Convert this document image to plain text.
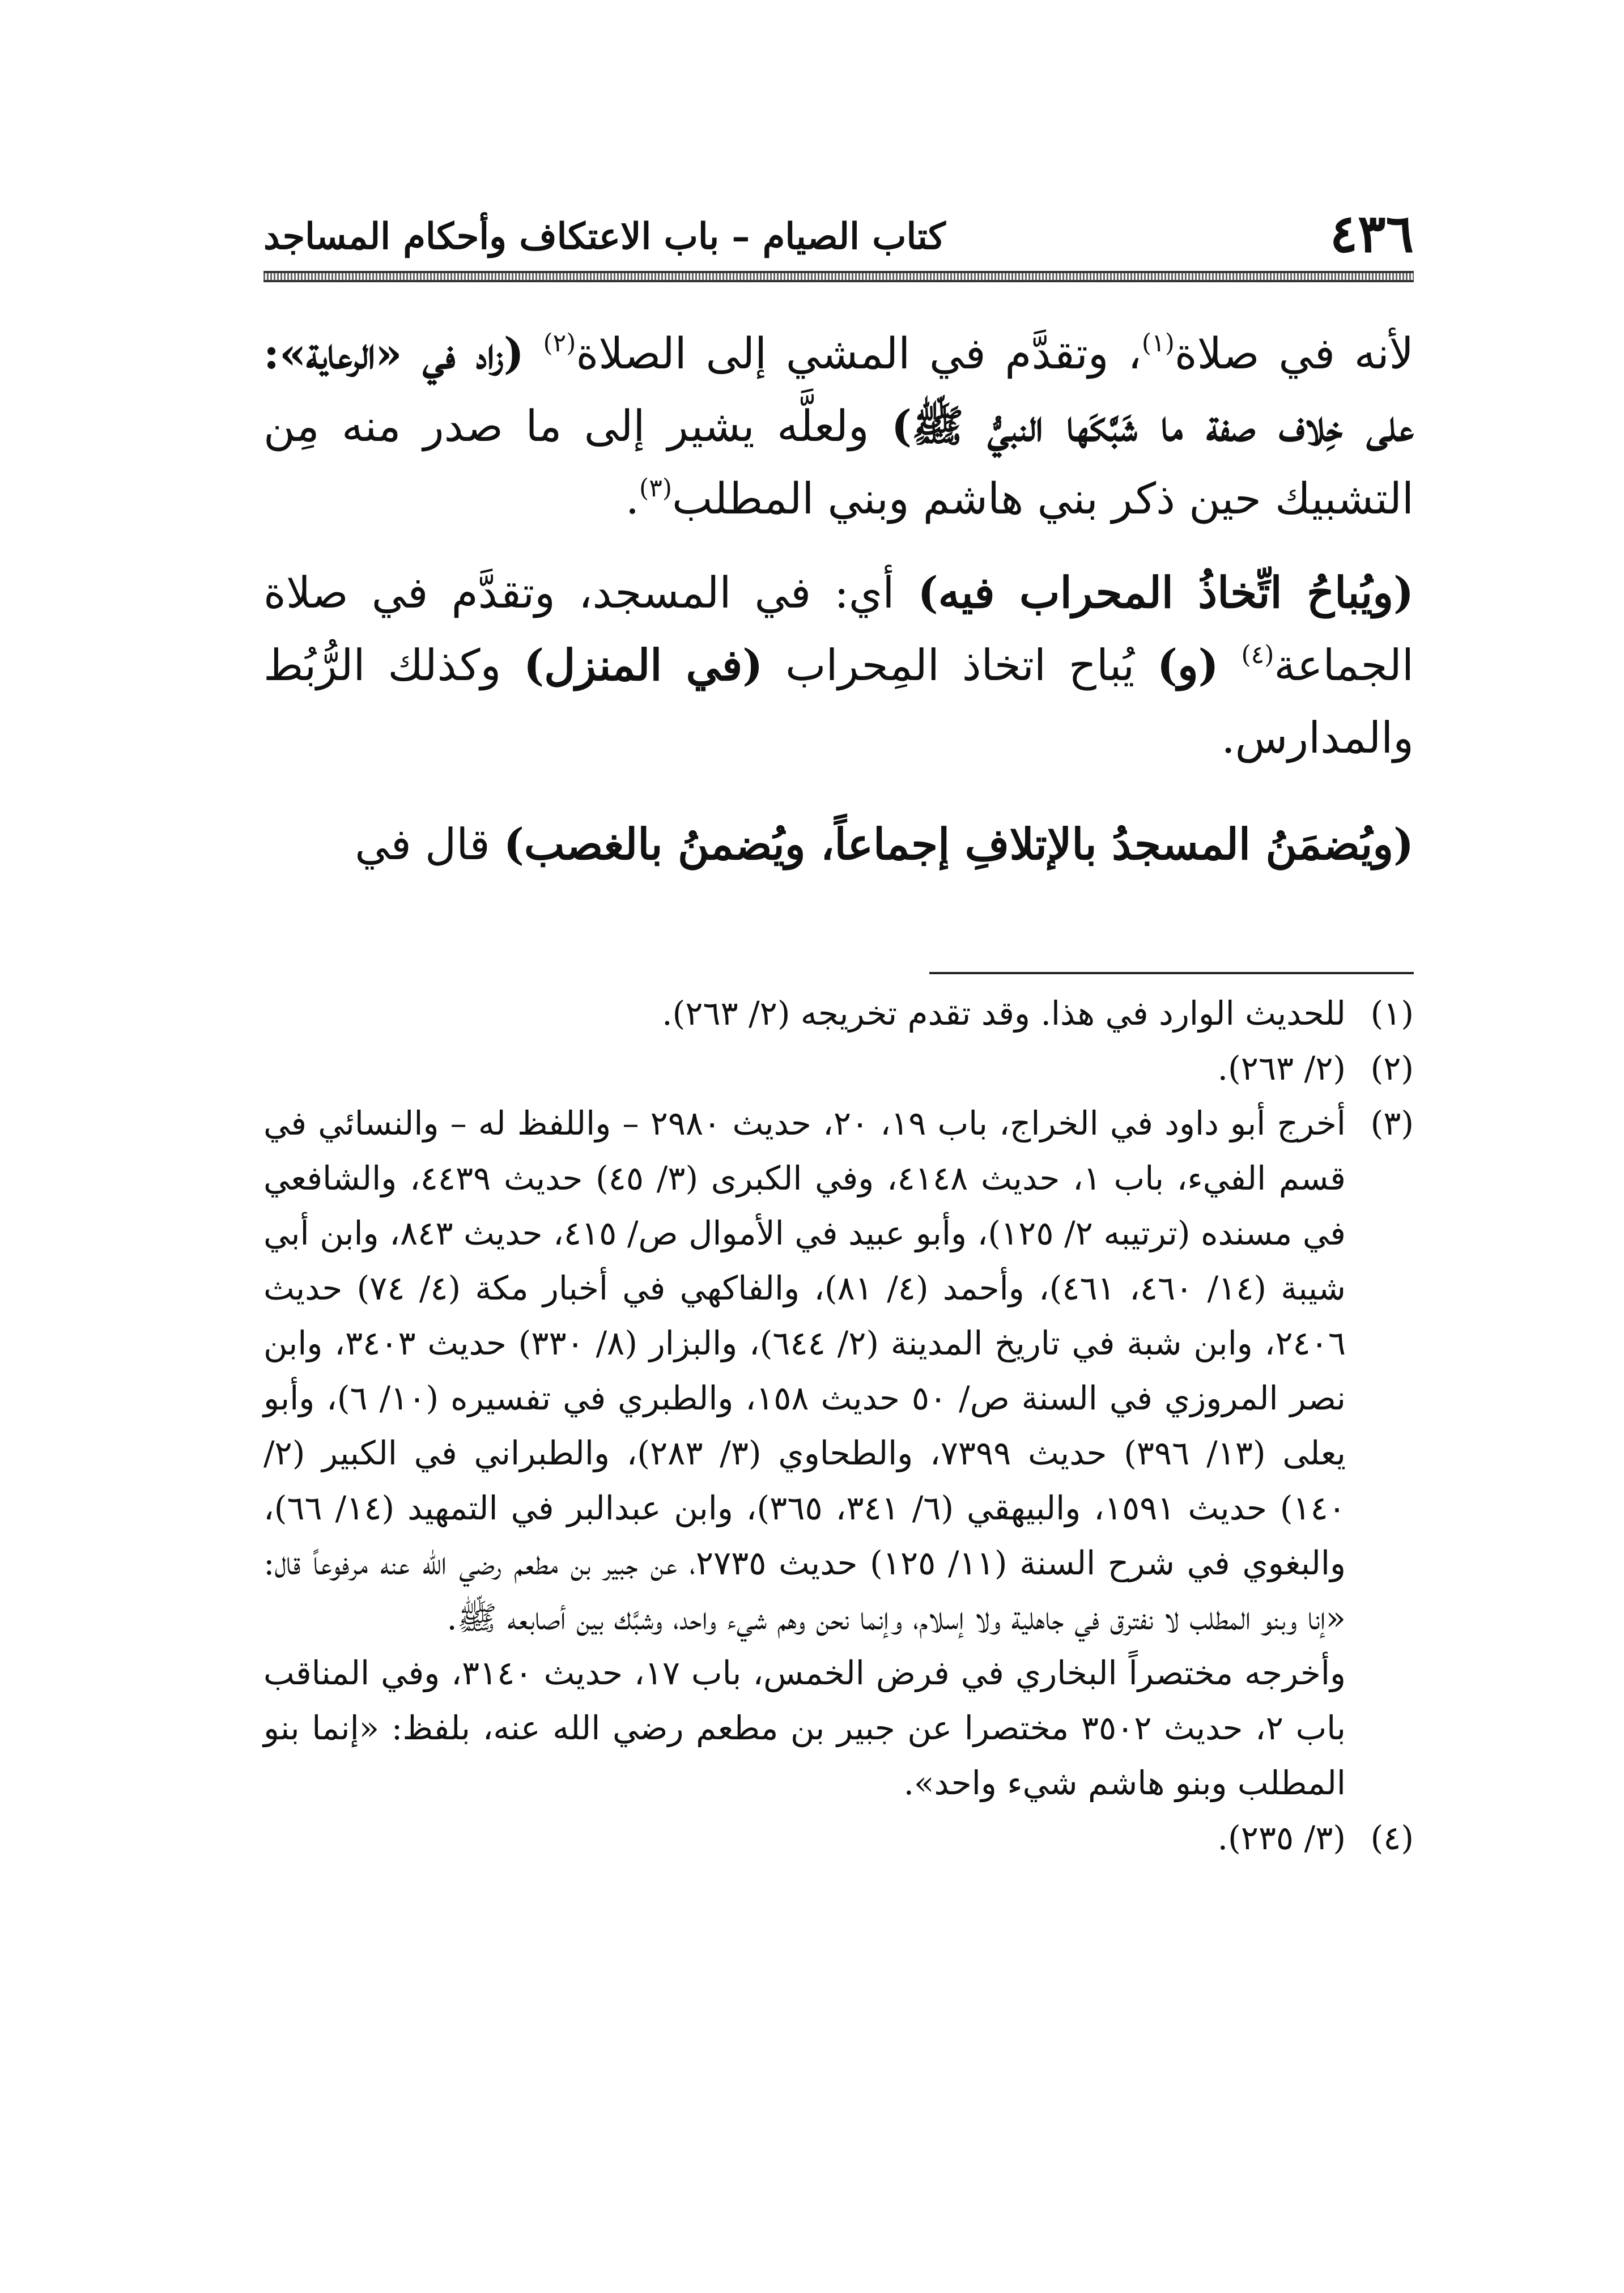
٤٣٦
كتاب الصيام – باب الاعتكاف وأحكام المساجد

لأنه في صلاة$^{(١)}$، وتقدَّم في المشي إلى الصلاة$^{(٢)}$ (زاد في «الرعاية»: على خِلاف صفة ما شَبَّكَها النبيُّ ﷺ) ولعلَّه يشير إلى ما صدر منه مِن التشبيك حين ذكر بني هاشم وبني المطلب$^{(٣)}$.

(ويُباحُ اتِّخاذُ المحراب فيه) أي: في المسجد، وتقدَّم في صلاة الجماعة$^{(٤)}$ (و) يُباح اتخاذ المِحراب (في المنزل) وكذلك الرُّبُط والمدارس.

(ويُضمَنُ المسجدُ بالإتلافِ إجماعاً، ويُضمنُ بالغصب) قال في

(١)
للحديث الوارد في هذا. وقد تقدم تخريجه (٢/ ٢٦٣).
(٢)
(٢/ ٢٦٣).
(٣)
أخرج أبو داود في الخراج، باب ١٩، ٢٠، حديث ٢٩٨٠ – واللفظ له – والنسائي في قسم الفيء، باب ١، حديث ٤١٤٨، وفي الكبرى (٣/ ٤٥) حديث ٤٤٣٩، والشافعي في مسنده (ترتيبه ٢/ ١٢٥)، وأبو عبيد في الأموال ص/ ٤١٥، حديث ٨٤٣، وابن أبي شيبة (١٤/ ٤٦٠، ٤٦١)، وأحمد (٤/ ٨١)، والفاكهي في أخبار مكة (٤/ ٧٤) حديث ٢٤٠٦، وابن شبة في تاريخ المدينة (٢/ ٦٤٤)، والبزار (٨/ ٣٣٠) حديث ٣٤٠٣، وابن نصر المروزي في السنة ص/ ٥٠ حديث ١٥٨، والطبري في تفسيره (١٠/ ٦)، وأبو يعلى (١٣/ ٣٩٦) حديث ٧٣٩٩، والطحاوي (٣/ ٢٨٣)، والطبراني في الكبير (٢/ ١٤٠) حديث ١٥٩١، والبيهقي (٦/ ٣٤١، ٣٦٥)، وابن عبدالبر في التمهيد (١٤/ ٦٦)، والبغوي في شرح السنة (١١/ ١٢٥) حديث ٢٧٣٥، عن جبير بن مطعم رضي الله عنه مرفوعاً قال: «إنا وبنو المطلب لا نفترق في جاهلية ولا إسلام، وإنما نحن وهم شيء واحد، وشبَّك بين أصابعه ﷺ.
وأخرجه مختصراً البخاري في فرض الخمس، باب ١٧، حديث ٣١٤٠، وفي المناقب باب ٢، حديث ٣٥٠٢ مختصرا عن جبير بن مطعم رضي الله عنه، بلفظ: «إنما بنو المطلب وبنو هاشم شيء واحد».
(٤)
(٣/ ٢٣٥).
